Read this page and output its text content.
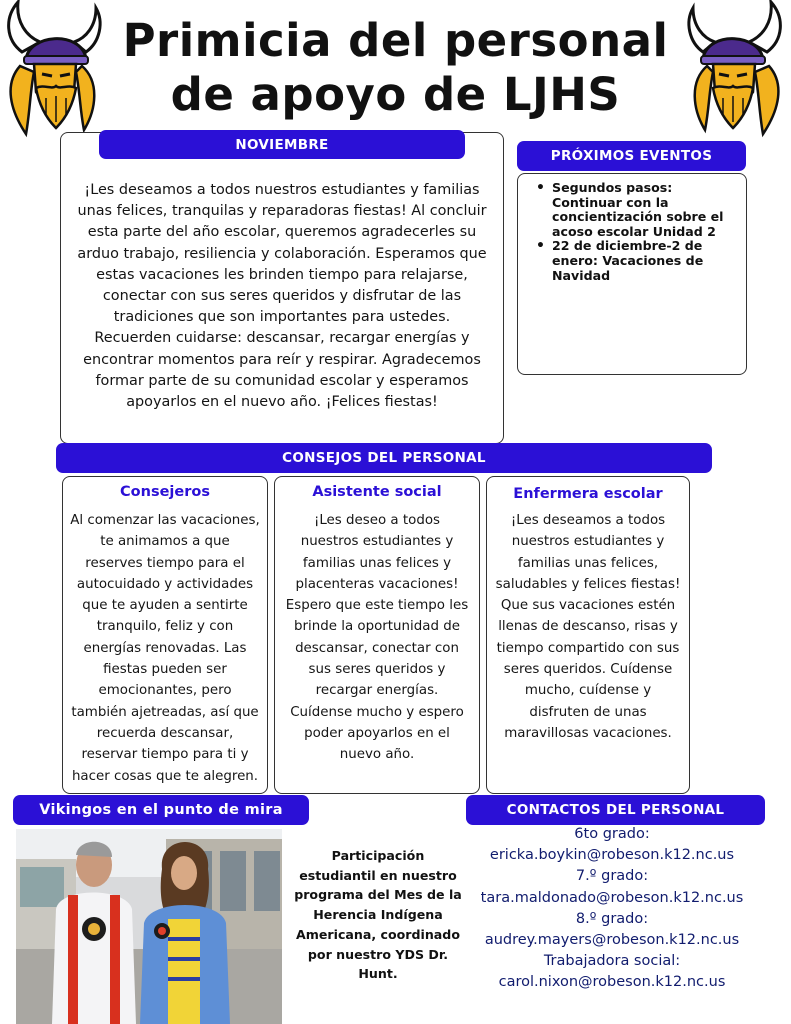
Primicia del personal
de apoyo de LJHS
NOVIEMBRE
¡Les deseamos a todos nuestros estudiantes y familias unas felices, tranquilas y reparadoras fiestas! Al concluir esta parte del año escolar, queremos agradecerles su arduo trabajo, resiliencia y colaboración. Esperamos que estas vacaciones les brinden tiempo para relajarse, conectar con sus seres queridos y disfrutar de las tradiciones que son importantes para ustedes. Recuerden cuidarse: descansar, recargar energías y encontrar momentos para reír y respirar. Agradecemos formar parte de su comunidad escolar y esperamos apoyarlos en el nuevo año. ¡Felices fiestas!
PRÓXIMOS EVENTOS
• Segundos pasos: Continuar con la concientización sobre el acoso escolar Unidad 2
• 22 de diciembre-2 de enero: Vacaciones de Navidad
CONSEJOS DEL PERSONAL
Consejeros
Al comenzar las vacaciones, te animamos a que reserves tiempo para el autocuidado y actividades que te ayuden a sentirte tranquilo, feliz y con energías renovadas. Las fiestas pueden ser emocionantes, pero también ajetreadas, así que recuerda descansar, reservar tiempo para ti y hacer cosas que te alegren.
Asistente social
¡Les deseo a todos nuestros estudiantes y familias unas felices y placenteras vacaciones! Espero que este tiempo les brinde la oportunidad de descansar, conectar con sus seres queridos y recargar energías. Cuídense mucho y espero poder apoyarlos en el nuevo año.
Enfermera escolar
¡Les deseamos a todos nuestros estudiantes y familias unas felices, saludables y felices fiestas! Que sus vacaciones estén llenas de descanso, risas y tiempo compartido con sus seres queridos. Cuídense mucho, cuídense y disfruten de unas maravillosas vacaciones.
Vikingos en el punto de mira
Participación estudiantil en nuestro programa del Mes de la Herencia Indígena Americana, coordinado por nuestro YDS Dr. Hunt.
CONTACTOS DEL PERSONAL
6to grado:
ericka.boykin@robeson.k12.nc.us
7.º grado:
tara.maldonado@robeson.k12.nc.us
8.º grado:
audrey.mayers@robeson.k12.nc.us
Trabajadora social:
carol.nixon@robeson.k12.nc.us
